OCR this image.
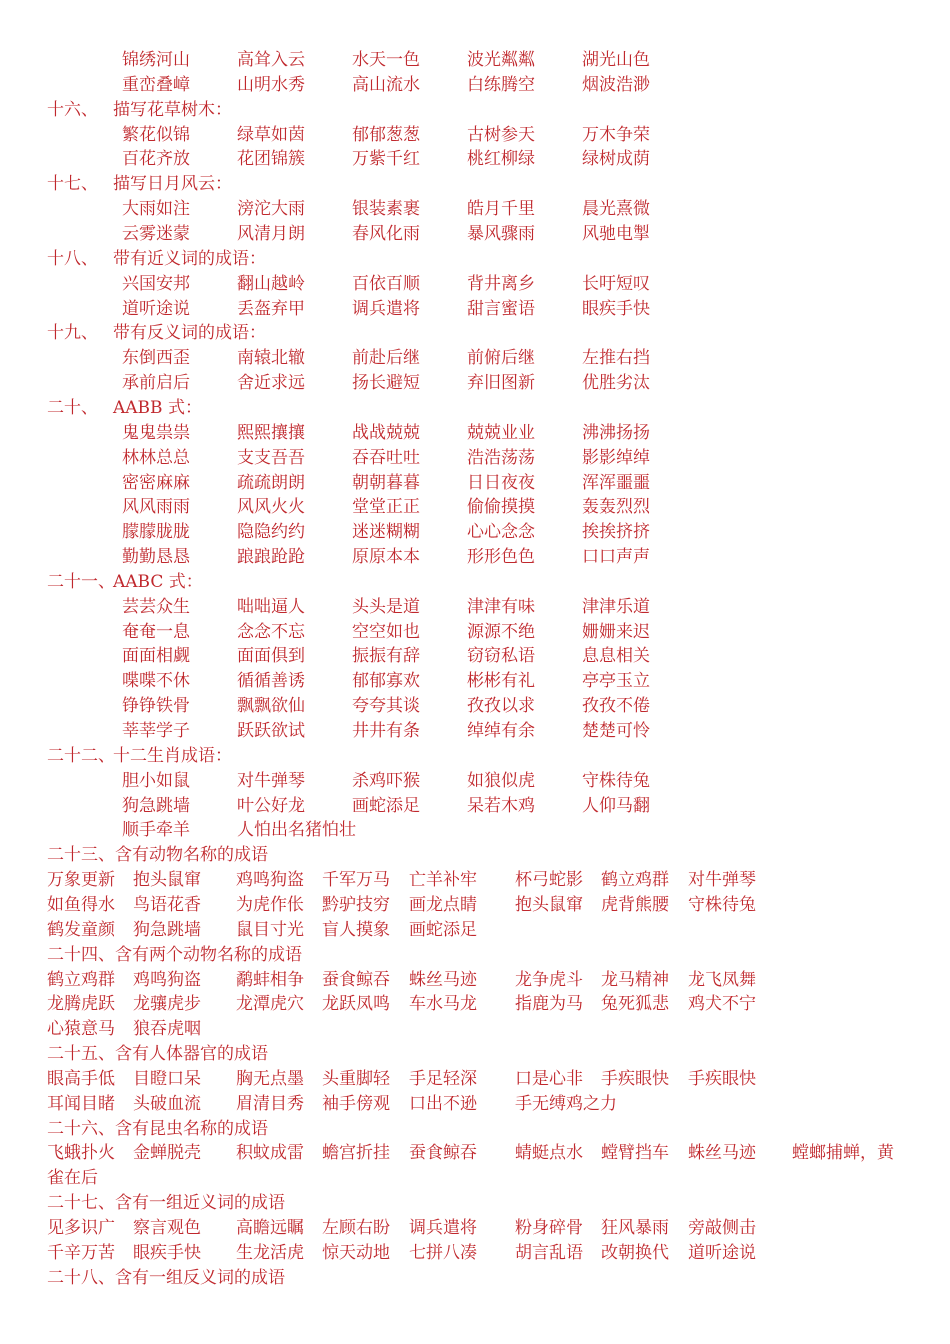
锦绣河山	高耸入云	水天一色	波光粼粼	湖光山色
重峦叠嶂	山明水秀	高山流水	白练腾空	烟波浩渺
十六、 描写花草树木：
繁花似锦	绿草如茵	郁郁葱葱	古树参天	万木争荣
百花齐放	花团锦簇	万紫千红	桃红柳绿	绿树成荫
十七、 描写日月风云：
大雨如注	滂沱大雨	银装素裹	皓月千里	晨光熹微
云雾迷蒙	风清月朗	春风化雨	暴风骤雨	风驰电掣
十八、 带有近义词的成语：
兴国安邦	翻山越岭	百依百顺	背井离乡	长吁短叹
道听途说	丢盔弃甲	调兵遣将	甜言蜜语	眼疾手快
十九、 带有反义词的成语：
东倒西歪	南辕北辙	前赴后继	前俯后继	左推右挡
承前启后	舍近求远	扬长避短	弃旧图新	优胜劣汰
二十、 AABB 式：
鬼鬼祟祟	熙熙攘攘	战战兢兢	兢兢业业	沸沸扬扬
林林总总	支支吾吾	吞吞吐吐	浩浩荡荡	影影绰绰
密密麻麻	疏疏朗朗	朝朝暮暮	日日夜夜	浑浑噩噩
风风雨雨	风风火火	堂堂正正	偷偷摸摸	轰轰烈烈
朦朦胧胧	隐隐约约	迷迷糊糊	心心念念	挨挨挤挤
勤勤恳恳	踉踉跄跄	原原本本	形形色色	口口声声
二十一、
AABC 式：
芸芸众生	咄咄逼人	头头是道	津津有味	津津乐道
奄奄一息	念念不忘	空空如也	源源不绝	姗姗来迟
面面相觑	面面俱到	振振有辞	窃窃私语	息息相关
喋喋不休	循循善诱	郁郁寡欢	彬彬有礼	亭亭玉立
铮铮铁骨	飘飘欲仙	夸夸其谈	孜孜以求	孜孜不倦
莘莘学子	跃跃欲试	井井有条	绰绰有余	楚楚可怜
二十二、
十二生肖成语：
胆小如鼠	对牛弹琴	杀鸡吓猴	如狼似虎	守株待兔
狗急跳墙	叶公好龙	画蛇添足	呆若木鸡	人仰马翻
顺手牵羊	人怕出名猪怕壮
二十三、含有动物名称的成语
万象更新 抱头鼠窜 鸡鸣狗盗 千军万马 亡羊补牢 杯弓蛇影 鹤立鸡群 对牛弹琴
如鱼得水 鸟语花香 为虎作伥 黔驴技穷 画龙点睛 抱头鼠窜 虎背熊腰 守株待兔
鹤发童颜 狗急跳墙 鼠目寸光 盲人摸象 画蛇添足
二十四、含有两个动物名称的成语
鹤立鸡群 鸡鸣狗盗 鹬蚌相争 蚕食鲸吞 蛛丝马迹 龙争虎斗 龙马精神 龙飞凤舞
龙腾虎跃 龙骧虎步 龙潭虎穴 龙跃凤鸣 车水马龙 指鹿为马 兔死狐悲 鸡犬不宁
心猿意马 狼吞虎咽
二十五、含有人体器官的成语
眼高手低 目瞪口呆 胸无点墨 头重脚轻 手足轻深 口是心非 手疾眼快 手疾眼快
耳闻目睹 头破血流 眉清目秀 袖手傍观 口出不逊 手无缚鸡之力
二十六、含有昆虫名称的成语
飞蛾扑火 金蝉脱壳 积蚊成雷 蟾宫折挂 蚕食鲸吞 蜻蜓点水 螳臂挡车 蛛丝马迹 螳螂捕蝉，黄
雀在后
二十七、含有一组近义词的成语
见多识广 察言观色 高瞻远瞩 左顾右盼 调兵遣将 粉身碎骨 狂风暴雨 旁敲侧击
千辛万苦 眼疾手快 生龙活虎 惊天动地 七拼八凑 胡言乱语 改朝换代 道听途说
二十八、含有一组反义词的成语
